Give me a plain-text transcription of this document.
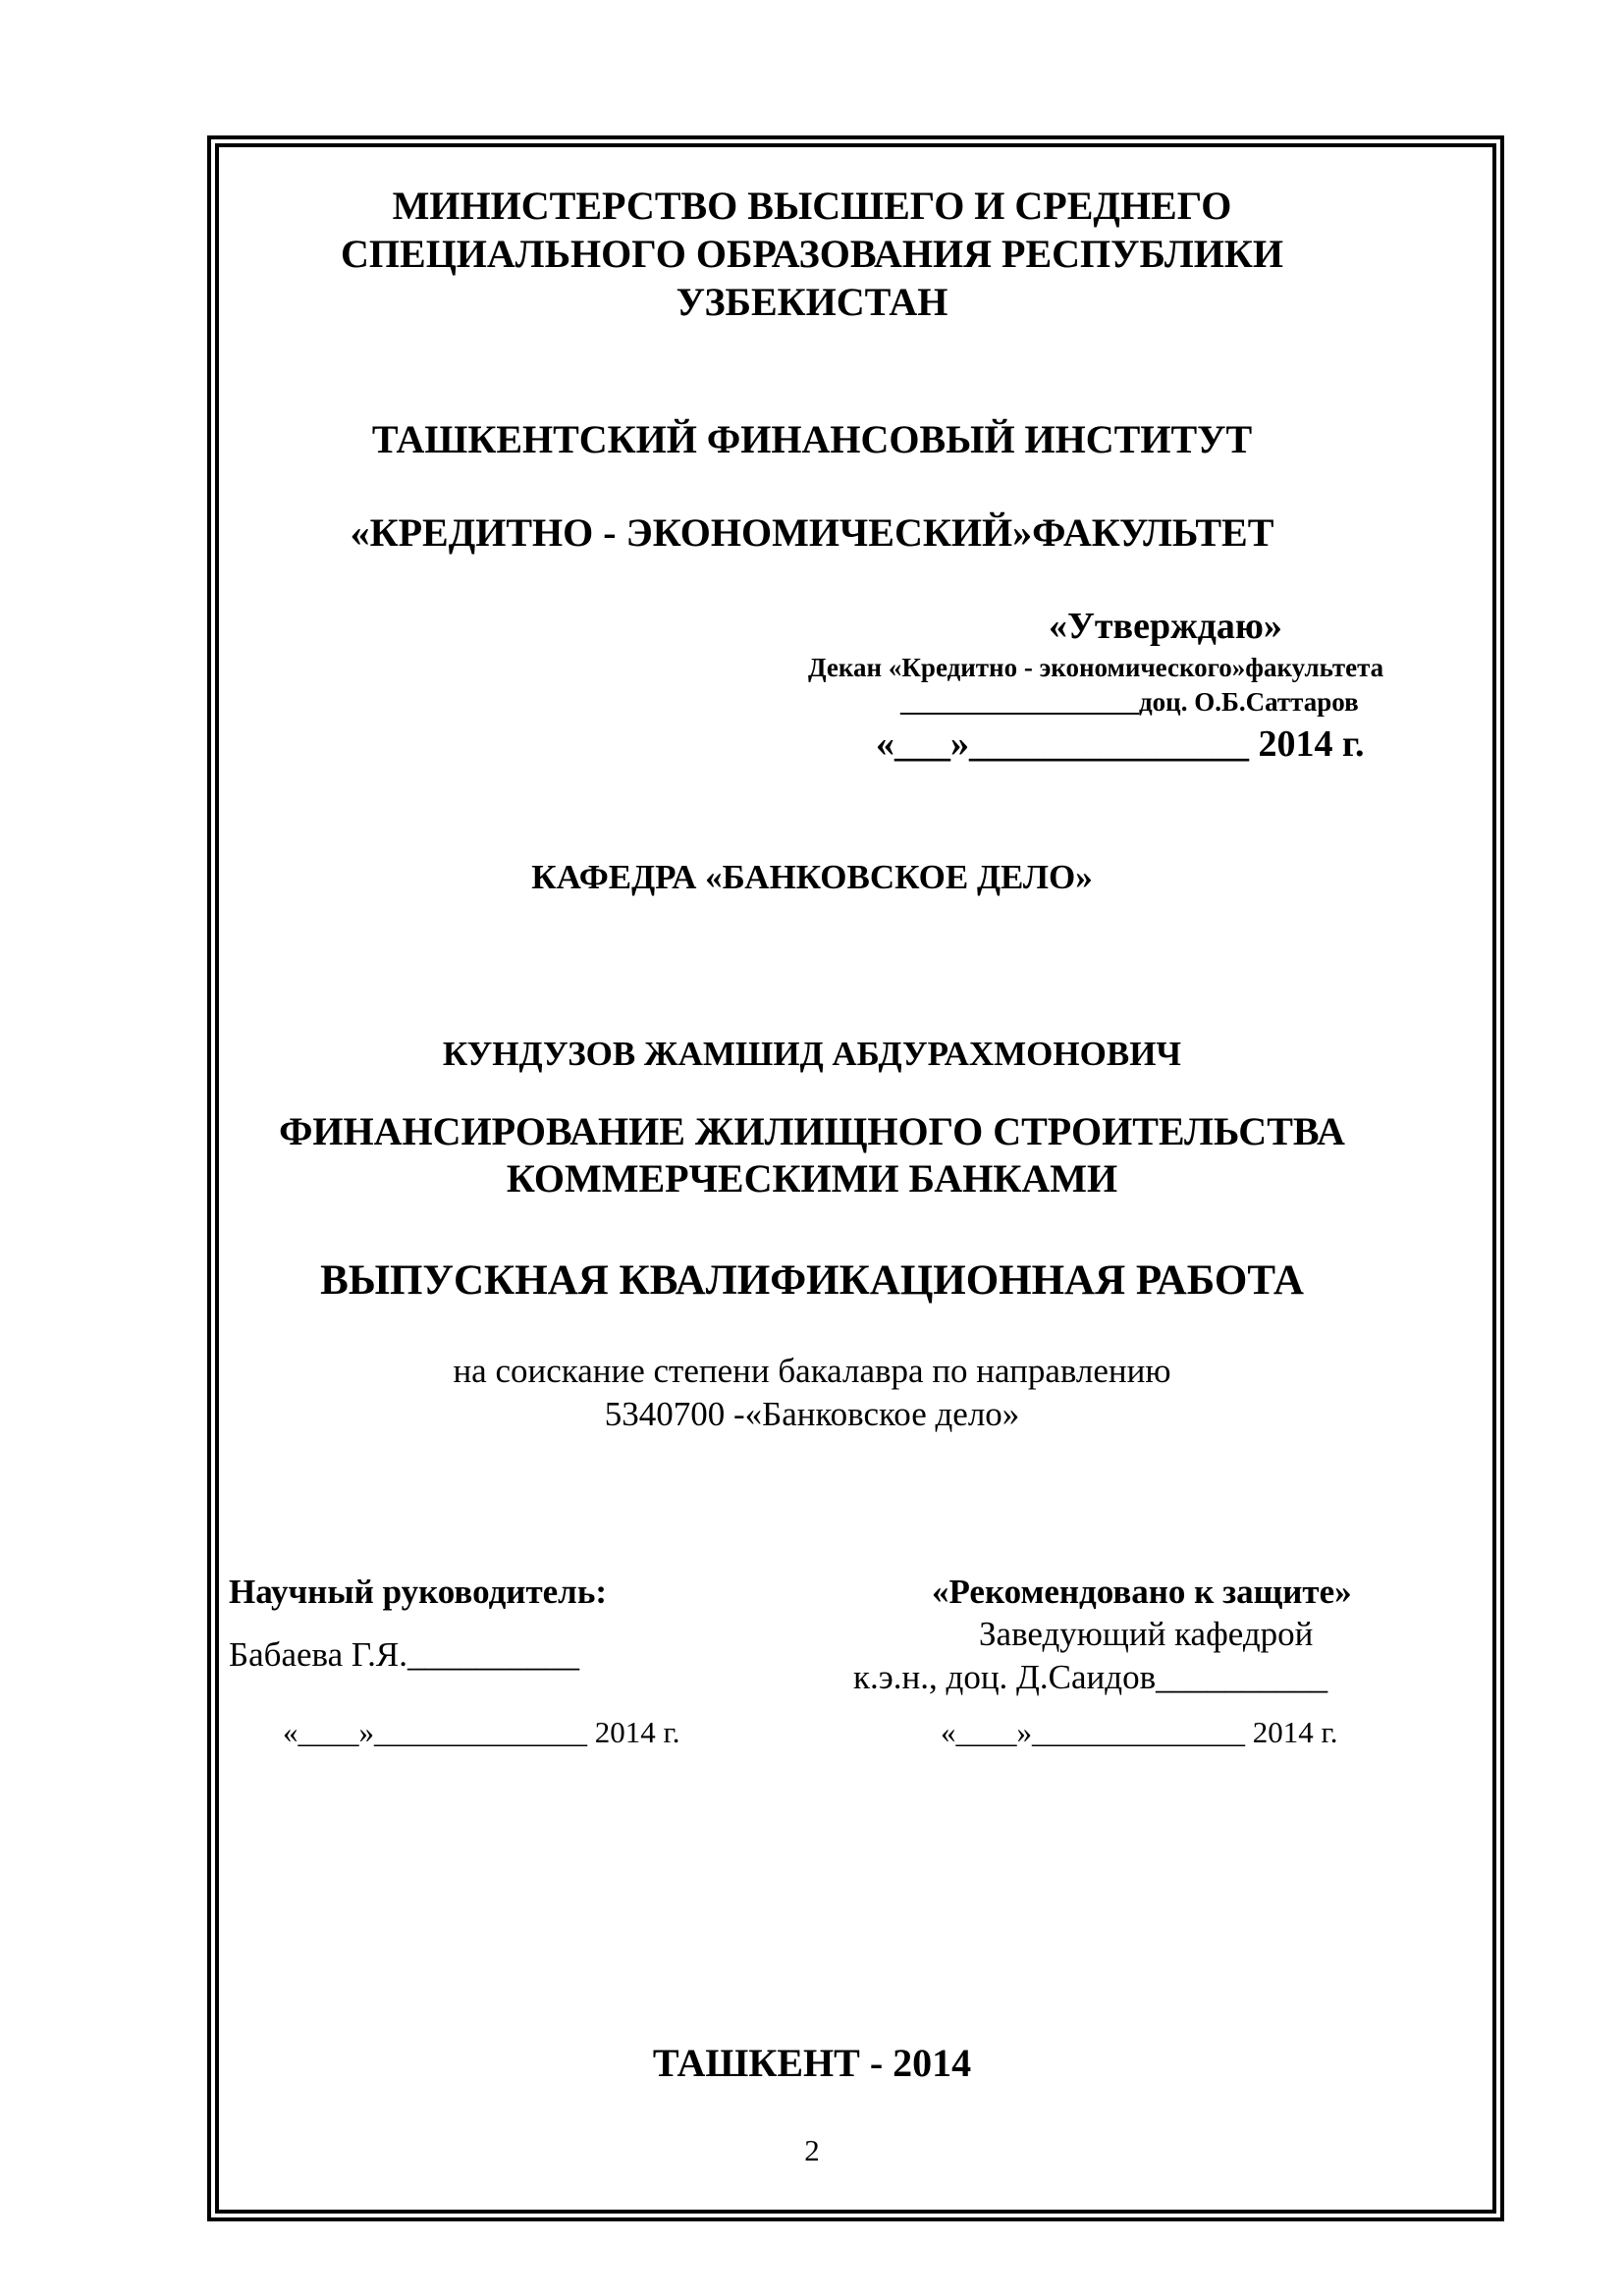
МИНИСТЕРСТВО ВЫСШЕГО И СРЕДНЕГО
СПЕЦИАЛЬНОГО ОБРАЗОВАНИЯ РЕСПУБЛИКИ
УЗБЕКИСТАН
ТАШКЕНТСКИЙ ФИНАНСОВЫЙ ИНСТИТУТ
«КРЕДИТНО - ЭКОНОМИЧЕСКИЙ»ФАКУЛЬТЕТ
«Утверждаю»
Декан «Кредитно - экономического»факультета
__________________доц. О.Б.Саттаров
«___»_______________ 2014 г.
КАФЕДРА «БАНКОВСКОЕ ДЕЛО»
КУНДУЗОВ ЖАМШИД АБДУРАХМОНОВИЧ
ФИНАНСИРОВАНИЕ ЖИЛИЩНОГО СТРОИТЕЛЬСТВА
КОММЕРЧЕСКИМИ БАНКАМИ
ВЫПУСКНАЯ КВАЛИФИКАЦИОННАЯ РАБОТА
на соискание степени бакалавра по направлению
5340700 -«Банковское дело»
Научный руководитель:
Бабаева Г.Я.__________
«____»______________ 2014 г.
«Рекомендовано к защите»
Заведующий кафедрой
к.э.н., доц. Д.Саидов__________
«____»______________ 2014 г.
ТАШКЕНТ - 2014
2
